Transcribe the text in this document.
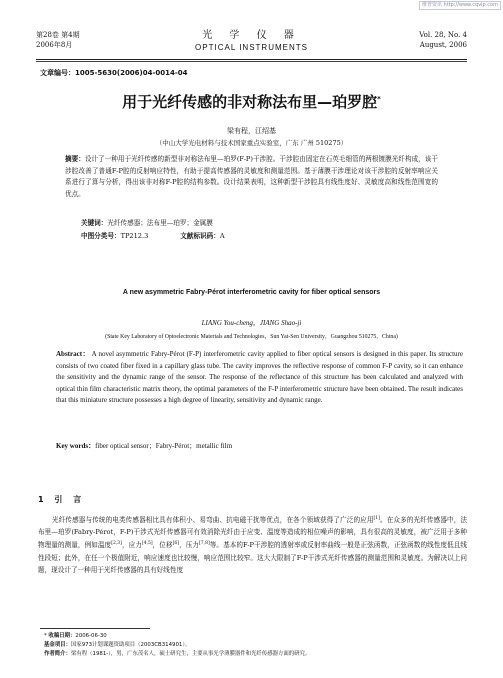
维普资讯 http://www.cqvip.com
第28卷 第4期
2006年8月
光 学 仪 器
OPTICAL INSTRUMENTS
Vol. 28, No. 4
August, 2006
文章编号：1005-5630(2006)04-0014-04
用于光纤传感的非对称法布里—珀罗腔*
梁有程，江绍基
（中山大学光电材料与技术国家重点实验室，广东 广州 510275）
摘要：设计了一种用于光纤传感的新型非对称法布里—珀罗(F-P)干涉腔。干涉腔由固定在石英毛细管的两根镀膜光纤构成，该干涉腔改善了普通F-P腔的反射响应特性，有助于提高传感器的灵敏度和测量范围。基于薄膜干涉理论对该干涉腔的反射率响应关系进行了算与分析，得出该非对称F-P腔的结构参数。设计结果表明，这种新型干涉腔具有线性度好、灵敏度高和线性范围宽的优点。
关键词：光纤传感器；法布里—珀罗；金属膜
中图分类号：TP212.3	文献标识码：A
A new asymmetric Fabry-Pérot interferometric cavity for fiber optical sensors
LIANG You-cheng，JIANG Shao-ji
(State Key Laboratory of Optoelectronic Materials and Technologies，Sun Yat-Sen University，Guangzhou 510275，China)
Abstract： A novel asymmetric Fabry-Pérot (F-P) interferometric cavity applied to fiber optical sensors is designed in this paper. Its structure consists of two coated fiber fixed in a capillary glass tube. The cavity improves the reflective response of common F-P cavity, so it can enhance the sensitivity and the dynamic range of the sensor. The response of the reflectance of this structure has been calculated and analyzed with optical thin film characteristic matrix theory, the optimal parameters of the F-P interferometric structure have been obtained. The result indicates that this miniature structure possesses a high degree of linearity, sensitivity and dynamic range.
Key words：fiber optical sensor；Fabry-Pérot；metallic film
1 引 言
光纤传感器与传统的电类传感器相比具有体积小、易弯曲、抗电磁干扰等优点，在各个领域获得了广泛的应用[1]。在众多的光纤传感器中，法布里—珀罗(Fabry-Pérot，F-P)干涉式光纤传感器可有效消除光纤由于应变、温度等造成的相位噪声的影响，具有很高的灵敏度，被广泛用于多种物理量的测量，例如温度[2,3]，应力[4,5]，位移[6]，压力[7,8]等。基本的F-P干涉腔的透射率或反射率曲线一般是正弦函数，正弦函数的线性度低且线性段短；此外，在任一个极值附近，响应速度也比较慢，响应范围比较窄。这大大限制了F-P干涉式光纤传感器的测量范围和灵敏度。为解决以上问题，现设计了一种用于光纤传感器的具有好线性度
* 收稿日期：2006-06-30
基金项目：国家973计划课题资助项目（2003CB314901）。
作者简介：梁有程（1981-），男，广东茂名人，硕士研究生，主要从事光学薄膜器件和光纤传感器方面的研究。
